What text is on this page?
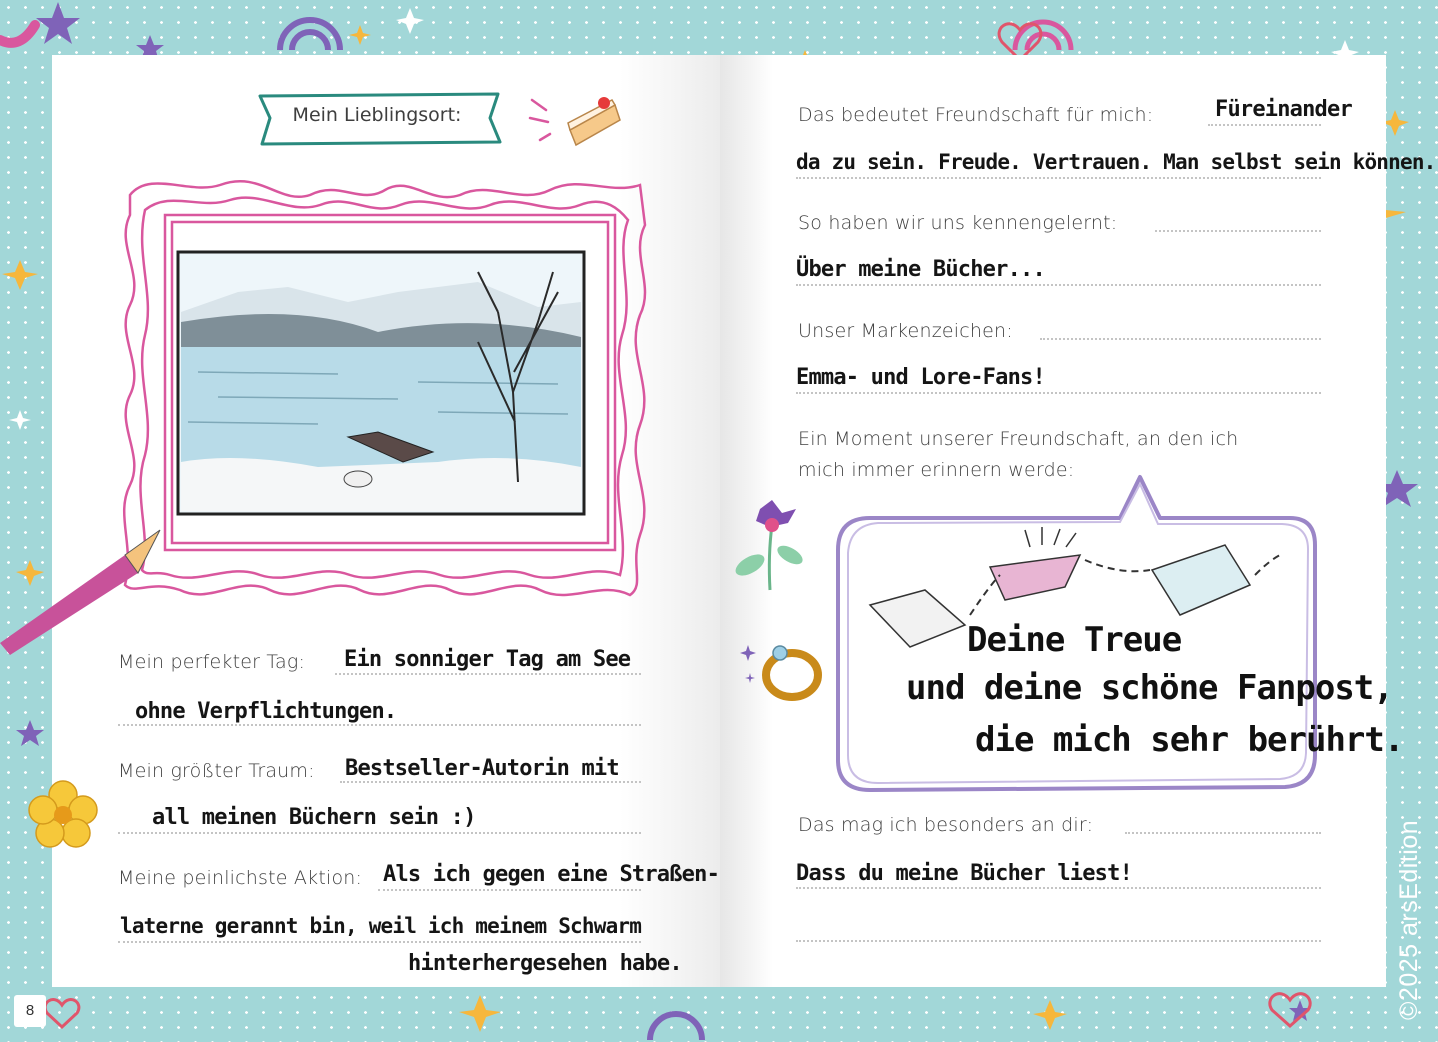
Mein Lieblingsort:
Mein perfekter Tag: Ein sonniger Tag am See
ohne Verpflichtungen.
Mein größter Traum: Bestseller-Autorin mit
all meinen Büchern sein :)
Meine peinlichste Aktion: Als ich gegen eine Straßen-
laterne gerannt bin, weil ich meinem Schwarm
hinterhergesehen habe.
Das bedeutet Freundschaft für mich:	Füreinander
da zu sein. Freude. Vertrauen. Man selbst sein können.
So haben wir uns kennengelernt:
Über meine Bücher...
Unser Markenzeichen:
Emma- und Lore-Fans!
Ein Moment unserer Freundschaft, an den ich
mich immer erinnern werde:
Deine Treue
und deine schöne Fanpost,
die mich sehr berührt.
Das mag ich besonders an dir:
Dass du meine Bücher liest!
8	©2025 arsEdition
